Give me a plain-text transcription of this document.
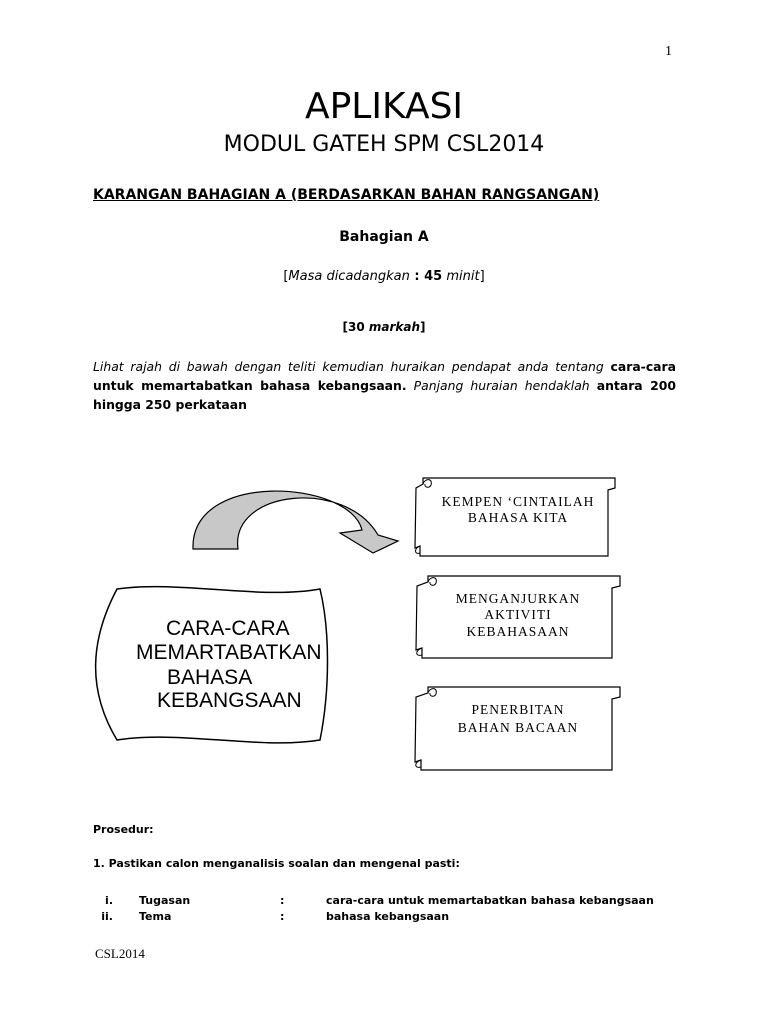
1
APLIKASI
MODUL GATEH SPM CSL2014
KARANGAN BAHAGIAN A (BERDASARKAN BAHAN RANGSANGAN)
Bahagian A
[Masa dicadangkan : 45 minit]
[30 markah]
Lihat rajah di bawah dengan teliti kemudian huraikan pendapat anda tentang cara-cara untuk memartabatkan bahasa kebangsaan. Panjang huraian hendaklah antara 200 hingga 250 perkataan
CARA-CARA
MEMARTABATKAN
BAHASA
KEBANGSAAN
KEMPEN ‘CINTAILAH
BAHASA KITA
MENGANJURKAN
AKTIVITI
KEBAHASAAN
PENERBITAN
BAHAN BACAAN
Prosedur:
1. Pastikan calon menganalisis soalan dan mengenal pasti:
i. Tugasan	:	cara-cara untuk memartabatkan bahasa kebangsaan
ii. Tema	:	bahasa kebangsaan
CSL2014
